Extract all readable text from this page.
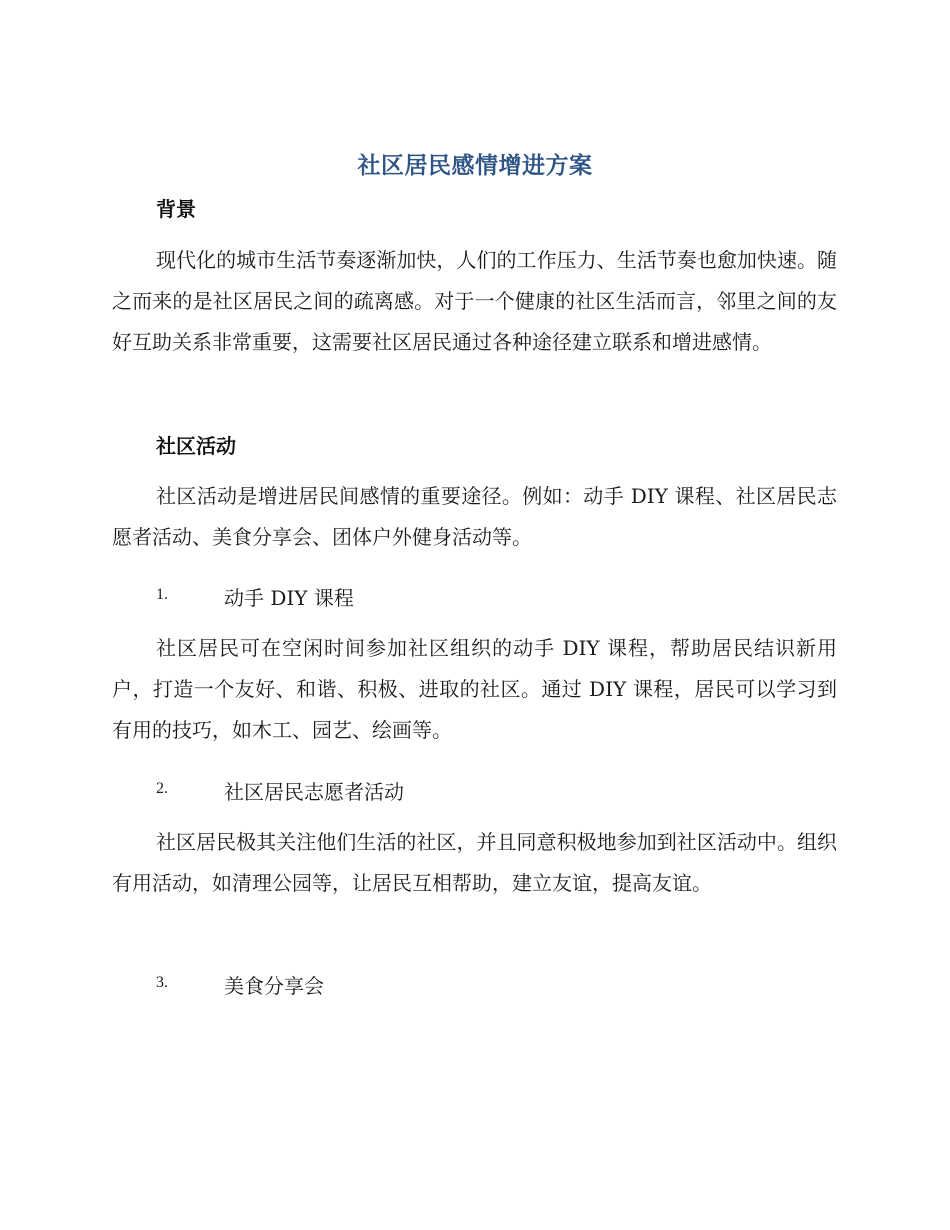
社区居民感情增进方案
背景
现代化的城市生活节奏逐渐加快，人们的工作压力、生活节奏也愈加快速。随之而来的是社区居民之间的疏离感。对于一个健康的社区生活而言，邻里之间的友好互助关系非常重要，这需要社区居民通过各种途径建立联系和增进感情。
社区活动
社区活动是增进居民间感情的重要途径。例如：动手 DIY 课程、社区居民志愿者活动、美食分享会、团体户外健身活动等。
1.	动手 DIY 课程
社区居民可在空闲时间参加社区组织的动手 DIY 课程，帮助居民结识新用户，打造一个友好、和谐、积极、进取的社区。通过 DIY 课程，居民可以学习到有用的技巧，如木工、园艺、绘画等。
2.	社区居民志愿者活动
社区居民极其关注他们生活的社区，并且同意积极地参加到社区活动中。组织有用活动，如清理公园等，让居民互相帮助，建立友谊，提高友谊。
3.	美食分享会
